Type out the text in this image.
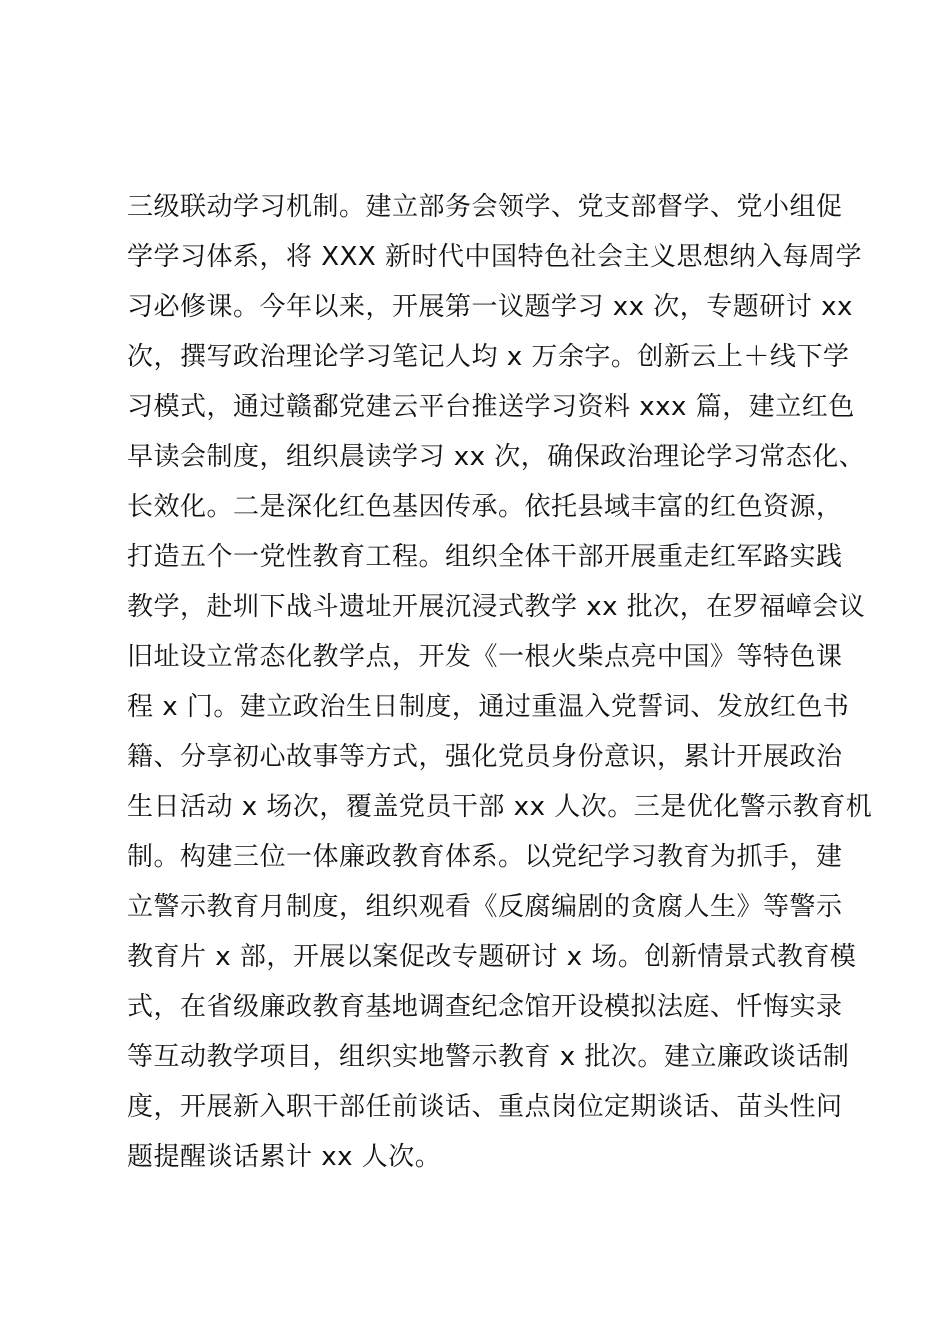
三级联动学习机制。建立部务会领学、党支部督学、党小组促
学学习体系，将 XXX 新时代中国特色社会主义思想纳入每周学
习必修课。今年以来，开展第一议题学习 xx 次，专题研讨 xx
次，撰写政治理论学习笔记人均 x 万余字。创新云上＋线下学
习模式，通过赣鄱党建云平台推送学习资料 xxx 篇，建立红色
早读会制度，组织晨读学习 xx 次，确保政治理论学习常态化、
长效化。二是深化红色基因传承。依托县域丰富的红色资源，
打造五个一党性教育工程。组织全体干部开展重走红军路实践
教学，赴圳下战斗遗址开展沉浸式教学 xx 批次，在罗福嶂会议
旧址设立常态化教学点，开发《一根火柴点亮中国》等特色课
程 x 门。建立政治生日制度，通过重温入党誓词、发放红色书
籍、分享初心故事等方式，强化党员身份意识，累计开展政治
生日活动 x 场次，覆盖党员干部 xx 人次。三是优化警示教育机
制。构建三位一体廉政教育体系。以党纪学习教育为抓手，建
立警示教育月制度，组织观看《反腐编剧的贪腐人生》等警示
教育片 x 部，开展以案促改专题研讨 x 场。创新情景式教育模
式，在省级廉政教育基地调查纪念馆开设模拟法庭、忏悔实录
等互动教学项目，组织实地警示教育 x 批次。建立廉政谈话制
度，开展新入职干部任前谈话、重点岗位定期谈话、苗头性问
题提醒谈话累计 xx 人次。
